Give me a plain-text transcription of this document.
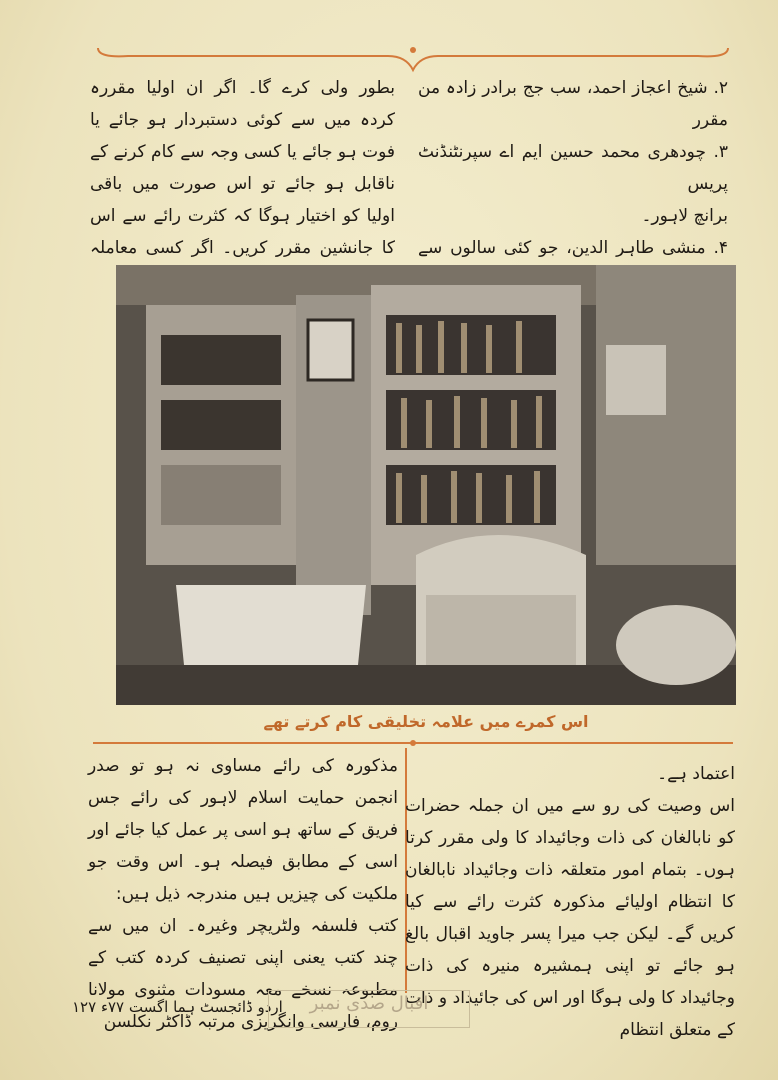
۲. شیخ اعجاز احمد، سب جج برادر زادہ من مقرر

۳. چودھری محمد حسین ایم اے سپرنٹنڈنٹ پریس

برانچ لاہور۔

۴. منشی طاہر الدین، جو کئی سالوں سے

بطور ولی کرے گا۔ اگر ان اولیا مقررہ کردہ میں سے کوئی دستبردار ہو جائے یا فوت ہو جائے یا کسی وجہ سے کام کرنے کے ناقابل ہو جائے تو اس صورت میں باقی اولیا کو اختیار ہوگا کہ کثرت رائے سے اس کا جانشین مقرر کریں۔ اگر کسی معاملہ

اس کمرے میں علامہ تخلیقی کام کرتے تھے

اعتماد ہے۔

اس وصیت کی رو سے میں ان جملہ حضرات کو نابالغان کی ذات وجائیداد کا ولی مقرر کرتا ہوں۔ بتمام امور متعلقہ ذات وجائیداد نابالغان کا انتظام اولیائے مذکورہ کثرت رائے سے کیا کریں گے۔ لیکن جب میرا پسر جاوید اقبال بالغ ہو جائے تو اپنی ہمشیرہ منیرہ کی ذات وجائیداد کا ولی ہوگا اور اس کی جائیداد و ذات کے متعلق انتظام

مذکورہ کی رائے مساوی نہ ہو تو صدر انجمن حمایت اسلام لاہور کی رائے جس فریق کے ساتھ ہو اسی پر عمل کیا جائے اور اسی کے مطابق فیصلہ ہو۔ اس وقت جو ملکیت کی چیزیں ہیں مندرجہ ذیل ہیں:

کتب فلسفہ ولٹریچر وغیرہ۔ ان میں سے چند کتب یعنی اپنی تصنیف کردہ کتب کے مطبوعہ نسخے معہ مسودات مثنوی مولانا روم، فارسی وانگریزی مرتبہ ڈاکٹر نکلسن

اردو ڈائجسٹ ہما اگست ۷۷ء ۱۲۷	اقبال صدی نمبر
